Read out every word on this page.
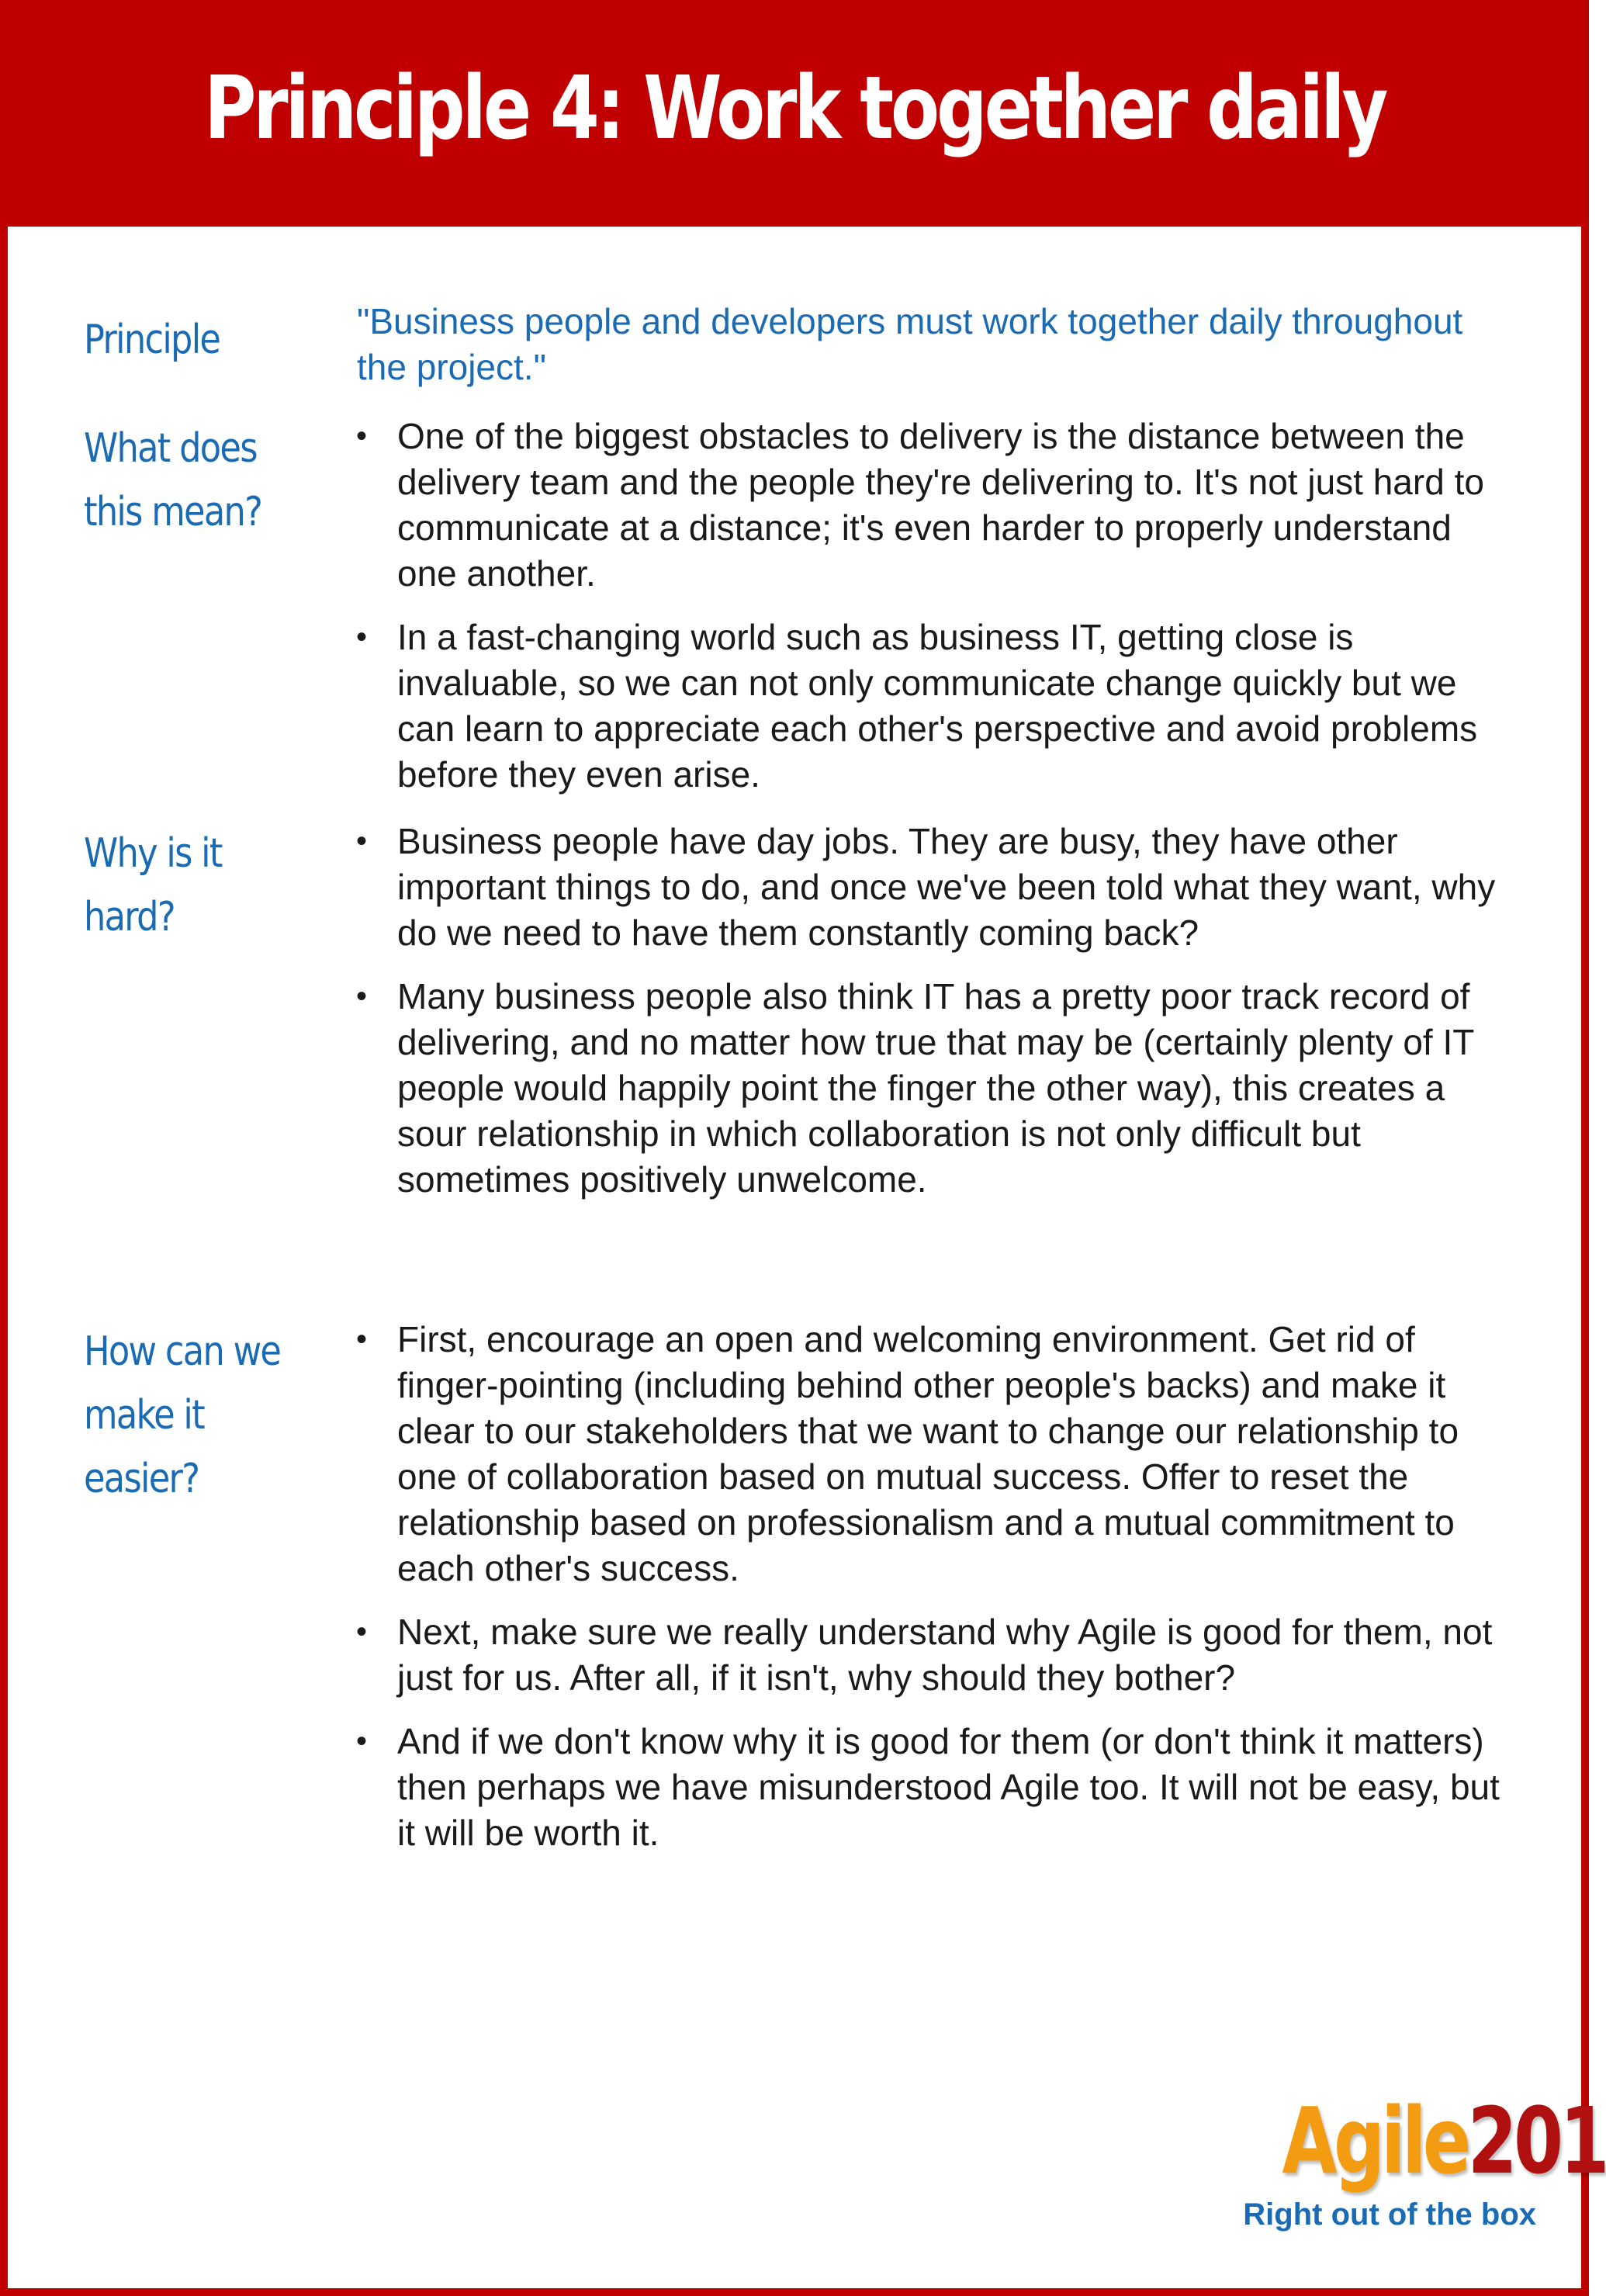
Principle 4: Work together daily
Principle	"Business people and developers must work together daily throughout the project."
What does
this mean?
• One of the biggest obstacles to delivery is the distance between the delivery team and the people they're delivering to. It's not just hard to communicate at a distance; it's even harder to properly understand one another.
• In a fast-changing world such as business IT, getting close is invaluable, so we can not only communicate change quickly but we can learn to appreciate each other's perspective and avoid problems before they even arise.
Why is it
hard?
• Business people have day jobs. They are busy, they have other important things to do, and once we've been told what they want, why do we need to have them constantly coming back?
• Many business people also think IT has a pretty poor track record of delivering, and no matter how true that may be (certainly plenty of IT people would happily point the finger the other way), this creates a sour relationship in which collaboration is not only difficult but sometimes positively unwelcome.
How can we
make it
easier?
• First, encourage an open and welcoming environment. Get rid of finger-pointing (including behind other people's backs) and make it clear to our stakeholders that we want to change our relationship to one of collaboration based on mutual success. Offer to reset the relationship based on professionalism and a mutual commitment to each other's success.
• Next, make sure we really understand why Agile is good for them, not just for us. After all, if it isn't, why should they bother?
• And if we don't know why it is good for them (or don't think it matters) then perhaps we have misunderstood Agile too. It will not be easy, but it will be worth it.
Agile201
Right out of the box
